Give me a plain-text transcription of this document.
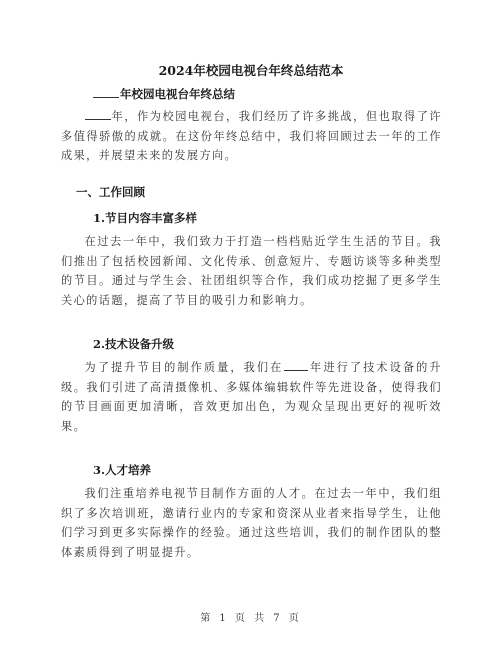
2024年校园电视台年终总结范本
年校园电视台年终总结
年，作为校园电视台，我们经历了许多挑战，但也取得了许多值得骄傲的成就。在这份年终总结中，我们将回顾过去一年的工作成果，并展望未来的发展方向。
一、工作回顾
1.节目内容丰富多样
在过去一年中，我们致力于打造一档档贴近学生生活的节目。我们推出了包括校园新闻、文化传承、创意短片、专题访谈等多种类型的节目。通过与学生会、社团组织等合作，我们成功挖掘了更多学生关心的话题，提高了节目的吸引力和影响力。
2.技术设备升级
为了提升节目的制作质量，我们在 年进行了技术设备的升级。我们引进了高清摄像机、多媒体编辑软件等先进设备，使得我们的节目画面更加清晰，音效更加出色，为观众呈现出更好的视听效果。
3.人才培养
我们注重培养电视节目制作方面的人才。在过去一年中，我们组织了多次培训班，邀请行业内的专家和资深从业者来指导学生，让他们学习到更多实际操作的经验。通过这些培训，我们的制作团队的整体素质得到了明显提升。
第 1 页 共 7 页
